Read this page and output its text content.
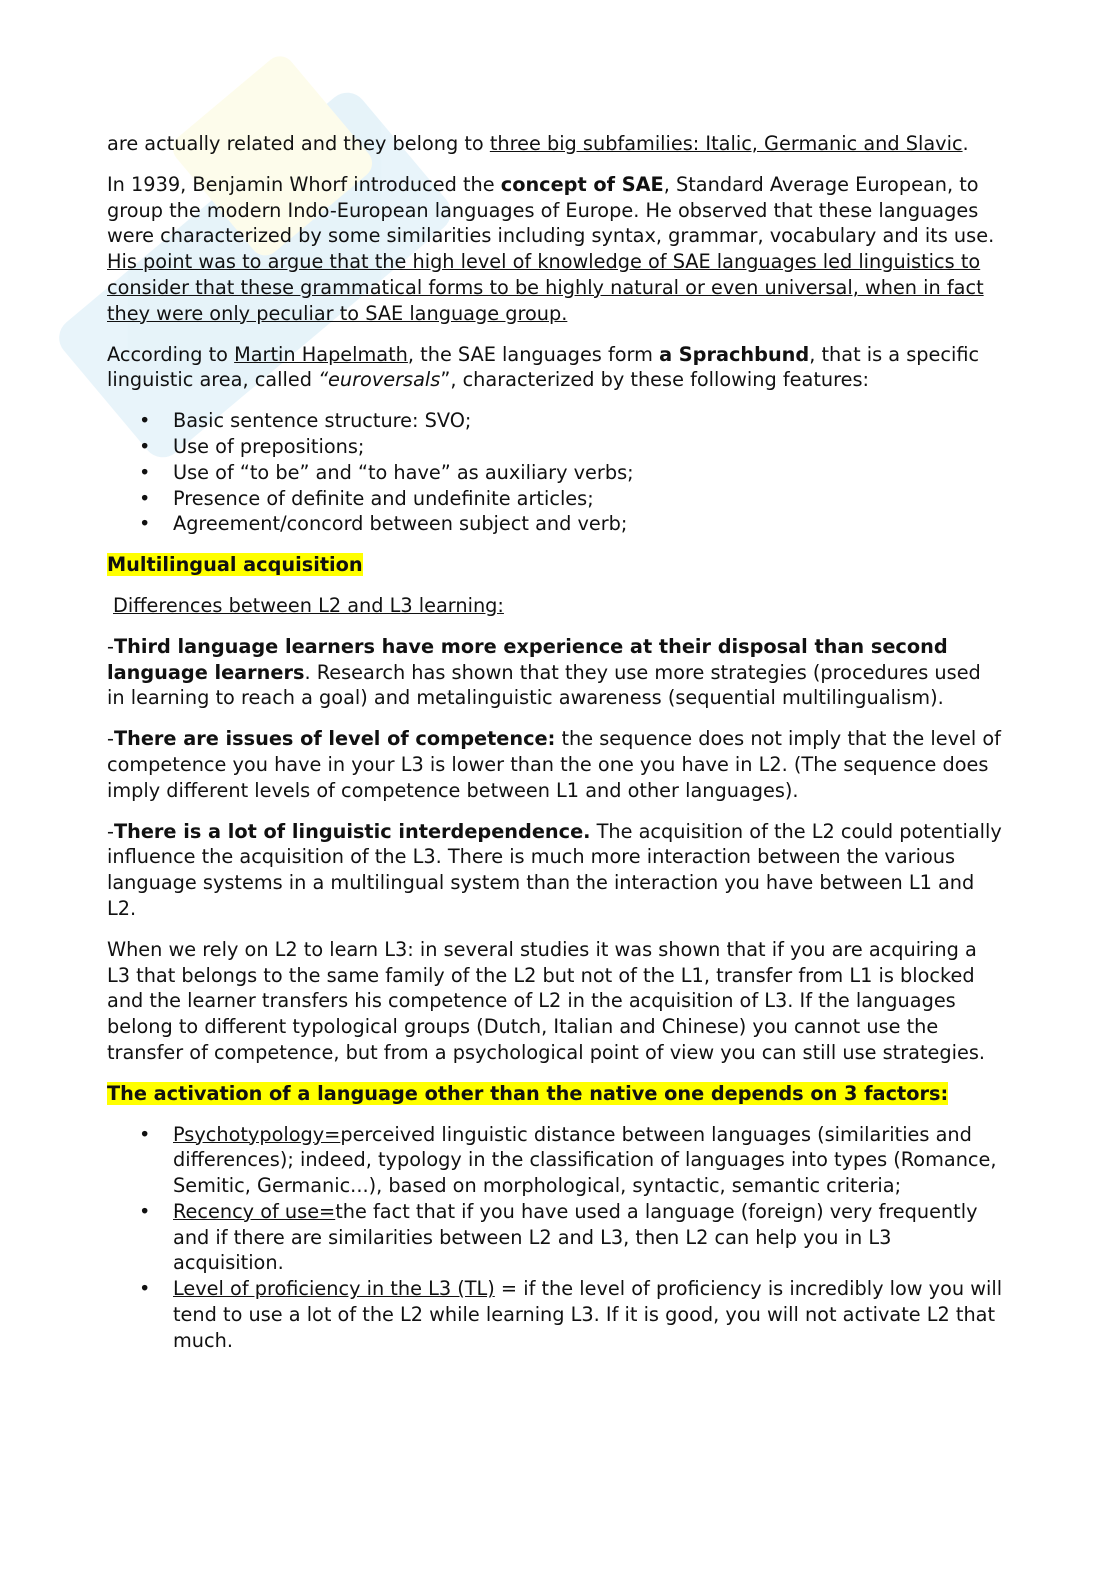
are actually related and they belong to three big subfamilies: Italic, Germanic and Slavic.

In 1939, Benjamin Whorf introduced the concept of SAE, Standard Average European, to group the modern Indo-European languages of Europe. He observed that these languages were characterized by some similarities including syntax, grammar, vocabulary and its use. His point was to argue that the high level of knowledge of SAE languages led linguistics to consider that these grammatical forms to be highly natural or even universal, when in fact they were only peculiar to SAE language group.

According to Martin Hapelmath, the SAE languages form a Sprachbund, that is a specific linguistic area, called “euroversals”, characterized by these following features:

• Basic sentence structure: SVO;
• Use of prepositions;
• Use of “to be” and “to have” as auxiliary verbs;
• Presence of definite and undefinite articles;
• Agreement/concord between subject and verb;

Multilingual acquisition

Differences between L2 and L3 learning:

-Third language learners have more experience at their disposal than second language learners. Research has shown that they use more strategies (procedures used in learning to reach a goal) and metalinguistic awareness (sequential multilingualism).

-There are issues of level of competence: the sequence does not imply that the level of competence you have in your L3 is lower than the one you have in L2. (The sequence does imply different levels of competence between L1 and other languages).

-There is a lot of linguistic interdependence. The acquisition of the L2 could potentially influence the acquisition of the L3. There is much more interaction between the various language systems in a multilingual system than the interaction you have between L1 and L2.

When we rely on L2 to learn L3: in several studies it was shown that if you are acquiring a L3 that belongs to the same family of the L2 but not of the L1, transfer from L1 is blocked and the learner transfers his competence of L2 in the acquisition of L3. If the languages belong to different typological groups (Dutch, Italian and Chinese) you cannot use the transfer of competence, but from a psychological point of view you can still use strategies.

The activation of a language other than the native one depends on 3 factors:

• Psychotypology=perceived linguistic distance between languages (similarities and differences); indeed, typology in the classification of languages into types (Romance, Semitic, Germanic...), based on morphological, syntactic, semantic criteria;
• Recency of use=the fact that if you have used a language (foreign) very frequently and if there are similarities between L2 and L3, then L2 can help you in L3 acquisition.
• Level of proficiency in the L3 (TL) = if the level of proficiency is incredibly low you will tend to use a lot of the L2 while learning L3. If it is good, you will not activate L2 that much.
